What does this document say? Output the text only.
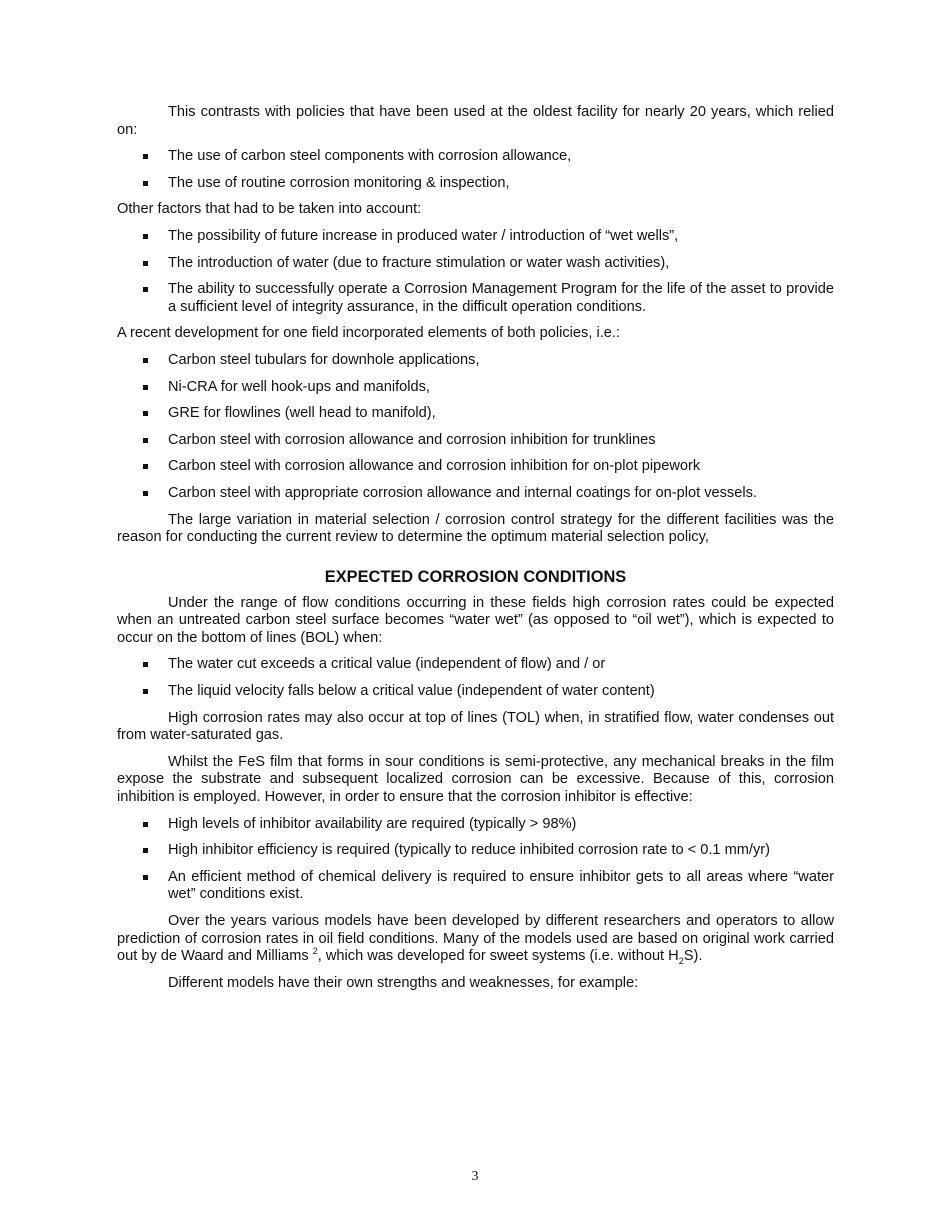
This contrasts with policies that have been used at the oldest facility for nearly 20 years, which relied on:

The use of carbon steel components with corrosion allowance,
The use of routine corrosion monitoring & inspection,

Other factors that had to be taken into account:

The possibility of future increase in produced water / introduction of “wet wells”,
The introduction of water (due to fracture stimulation or water wash activities),
The ability to successfully operate a Corrosion Management Program for the life of the asset to provide a sufficient level of integrity assurance, in the difficult operation conditions.

A recent development for one field incorporated elements of both policies, i.e.:

Carbon steel tubulars for downhole applications,
Ni-CRA for well hook-ups and manifolds,
GRE for flowlines (well head to manifold),
Carbon steel with corrosion allowance and corrosion inhibition for trunklines
Carbon steel with corrosion allowance and corrosion inhibition for on-plot pipework
Carbon steel with appropriate corrosion allowance and internal coatings for on-plot vessels.

The large variation in material selection / corrosion control strategy for the different facilities was the reason for conducting the current review to determine the optimum material selection policy,

EXPECTED CORROSION CONDITIONS

Under the range of flow conditions occurring in these fields high corrosion rates could be expected when an untreated carbon steel surface becomes “water wet” (as opposed to “oil wet”), which is expected to occur on the bottom of lines (BOL) when:

The water cut exceeds a critical value (independent of flow) and / or
The liquid velocity falls below a critical value (independent of water content)

High corrosion rates may also occur at top of lines (TOL) when, in stratified flow, water condenses out from water-saturated gas.

Whilst the FeS film that forms in sour conditions is semi-protective, any mechanical breaks in the film expose the substrate and subsequent localized corrosion can be excessive. Because of this, corrosion inhibition is employed. However, in order to ensure that the corrosion inhibitor is effective:

High levels of inhibitor availability are required (typically > 98%)
High inhibitor efficiency is required (typically to reduce inhibited corrosion rate to < 0.1 mm/yr)
An efficient method of chemical delivery is required to ensure inhibitor gets to all areas where “water wet” conditions exist.

Over the years various models have been developed by different researchers and operators to allow prediction of corrosion rates in oil field conditions. Many of the models used are based on original work carried out by de Waard and Milliams $^2$, which was developed for sweet systems (i.e. without $H_2S$).

Different models have their own strengths and weaknesses, for example:

3
